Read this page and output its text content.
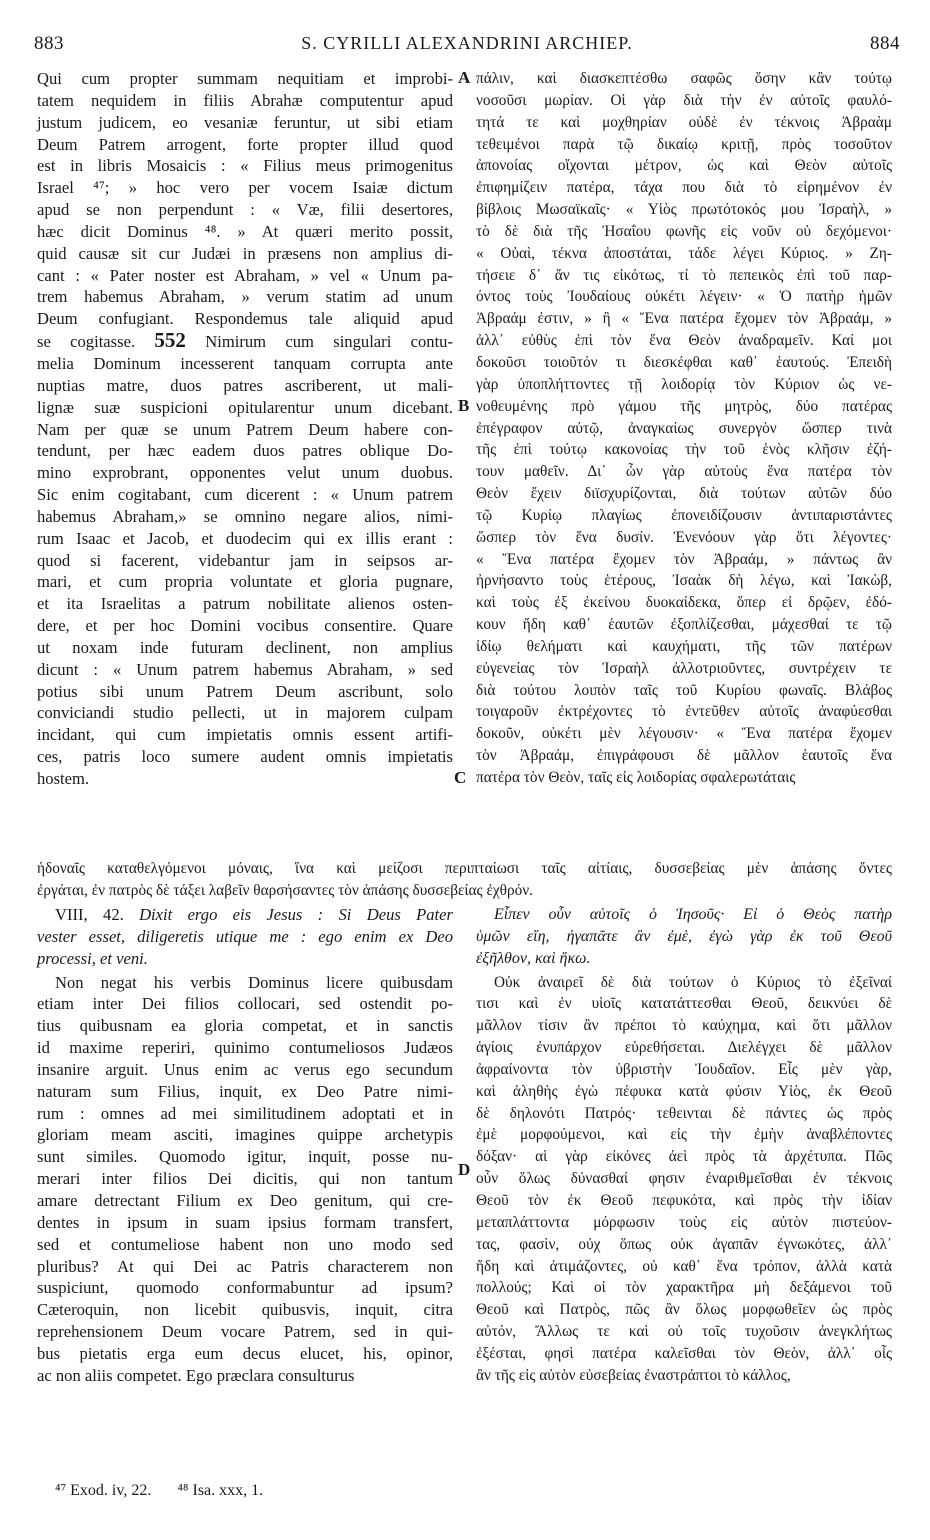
883	S. CYRILLI ALEXANDRINI ARCHIEP.	884
Qui cum propter summam nequitiam et improbi-
tatem nequidem in filiis Abrahæ computentur apud
justum judicem, eo vesaniæ feruntur, ut sibi etiam
Deum Patrem arrogent, forte propter illud quod
est in libris Mosaicis : « Filius meus primogenitus
Israel ⁴⁷; » hoc vero per vocem Isaiæ dictum
apud se non perpendunt : « Væ, filii desertores,
hæc dicit Dominus ⁴⁸. » At quæri merito possit,
quid causæ sit cur Judæi in præsens non amplius di-
cant : « Pater noster est Abraham, » vel « Unum pa-
trem habemus Abraham, » verum statim ad unum
Deum confugiant. Respondemus tale aliquid apud
se cogitasse. 552 Nimirum cum singulari contu-
melia Dominum incesserent tanquam corrupta ante
nuptias matre, duos patres ascriberent, ut mali-
lignæ suæ suspicioni opitularentur unum dicebant.
Nam per quæ se unum Patrem Deum habere con-
tendunt, per hæc eadem duos patres oblique Do-
mino exprobrant, opponentes velut unum duobus.
Sic enim cogitabant, cum dicerent : « Unum patrem
habemus Abraham,» se omnino negare alios, nimi-
rum Isaac et Jacob, et duodecim qui ex illis erant :
quod si facerent, videbantur jam in seipsos ar-
mari, et cum propria voluntate et gloria pugnare,
et ita Israelitas a patrum nobilitate alienos osten-
dere, et per hoc Domini vocibus consentire. Quare
ut noxam inde futuram declinent, non amplius
dicunt : « Unum patrem habemus Abraham, » sed
potius sibi unum Patrem Deum ascribunt, solo
conviciandi studio pellecti, ut in majorem culpam
incidant, qui cum impietatis omnis essent artifi-
ces, patris loco sumere audent omnis impietatis
hostem.
πάλιν, καὶ διασκεπτέσθω σαφῶς ὅσην κἂν τούτῳ
νοσοῦσι μωρίαν. Οἱ γὰρ διὰ τὴν ἐν αὐτοῖς φαυλό-
τητά τε καὶ μοχθηρίαν οὐδὲ ἐν τέκνοις Ἀβραὰμ
τεθειμένοι παρὰ τῷ δικαίῳ κριτῇ, πρὸς τοσοῦτον
ἀπονοίας οἴχονται μέτρον, ὡς καὶ Θεὸν αὐτοῖς
ἐπιφημίζειν πατέρα, τάχα που διὰ τὸ εἰρημένον ἐν
βίβλοις Μωσαϊκαῖς· « Υἱὸς πρωτότοκός μου Ἰσραὴλ, »
τὸ δὲ διὰ τῆς Ἡσαΐου φωνῆς εἰς νοῦν οὐ δεχόμενοι·
« Οὐαὶ, τέκνα ἀποστάται, τάδε λέγει Κύριος. » Ζη-
τήσειε δ᾽ ἄν τις εἰκότως, τί τὸ πεπεικὸς ἐπὶ τοῦ παρ-
όντος τοὺς Ἰουδαίους οὐκέτι λέγειν· « Ὁ πατὴρ ἡμῶν
Ἀβραάμ ἐστιν, » ἢ « Ἕνα πατέρα ἔχομεν τὸν Ἀβραάμ, »
ἀλλ᾽ εὐθὺς ἐπὶ τὸν ἕνα Θεὸν ἀναδραμεῖν. Καί μοι
δοκοῦσι τοιοῦτόν τι διεσκέφθαι καθ᾽ ἑαυτούς. Ἐπειδὴ
γὰρ ὑποπλήττοντες τῇ λοιδορίᾳ τὸν Κύριον ὡς νε-
νοθευμένης πρὸ γάμου τῆς μητρὸς, δύο πατέρας
ἐπέγραφον αὐτῷ, ἀναγκαίως συνεργὸν ὥσπερ τινὰ
τῆς ἐπὶ τούτῳ κακονοίας τὴν τοῦ ἑνὸς κλῆσιν ἐζή-
τουν μαθεῖν. Δι᾽ ὧν γὰρ αὐτοὺς ἕνα πατέρα τὸν
Θεὸν ἔχειν διϊσχυρίζονται, διὰ τούτων αὐτῶν δύο
τῷ Κυρίῳ πλαγίως ἐπονειδίζουσιν ἀντιπαριστάντες
ὥσπερ τὸν ἕνα δυσίν. Ἐνενόουν γὰρ ὅτι λέγοντες·
« Ἕνα πατέρα ἔχομεν τὸν Ἀβραάμ, » πάντως ἂν
ἠρνήσαντο τοὺς ἑτέρους, Ἰσαὰκ δὴ λέγω, καὶ Ἰακὼβ,
καὶ τοὺς ἐξ ἐκείνου δυοκαίδεκα, ὅπερ εἰ δρῷεν, ἐδό-
κουν ἤδη καθ᾽ ἑαυτῶν ἐξοπλίζεσθαι, μάχεσθαί τε τῷ
ἰδίῳ θελήματι καὶ καυχήματι, τῆς τῶν πατέρων
εὐγενείας τὸν Ἰσραὴλ ἀλλοτριοῦντες, συντρέχειν τε
διὰ τούτου λοιπὸν ταῖς τοῦ Κυρίου φωναῖς. Βλάβος
τοιγαροῦν ἐκτρέχοντες τὸ ἐντεῦθεν αὐτοῖς ἀναφύεσθαι
δοκοῦν, οὐκέτι μὲν λέγουσιν· « Ἕνα πατέρα ἔχομεν
τὸν Ἀβραάμ, ἐπιγράφουσι δὲ μᾶλλον ἑαυτοῖς ἕνα
πατέρα τὸν Θεὸν, ταῖς εἰς λοιδορίας σφαλερωτάταις
ἡδοναῖς καταθελγόμενοι μόναις, ἵνα καὶ μείζοσι περιπταίωσι ταῖς αἰτίαις, δυσσεβείας μὲν ἁπάσης ὄντες
ἐργάται, ἐν πατρὸς δὲ τάξει λαβεῖν θαρσήσαντες τὸν ἁπάσης δυσσεβείας ἐχθρόν.
VIII, 42. Dixit ergo eis Jesus : Si Deus Pater
vester esset, diligeretis utique me : ego enim ex Deo
processi, et veni.
Non negat his verbis Dominus licere quibusdam
etiam inter Dei filios collocari, sed ostendit po-
tius quibusnam ea gloria competat, et in sanctis
id maxime reperiri, quinimo contumeliosos Judæos
insanire arguit. Unus enim ac verus ego secundum
naturam sum Filius, inquit, ex Deo Patre nimi-
rum : omnes ad mei similitudinem adoptati et in
gloriam meam asciti, imagines quippe archetypis
sunt similes. Quomodo igitur, inquit, posse nu-
merari inter filios Dei dicitis, qui non tantum
amare detrectant Filium ex Deo genitum, qui cre-
dentes in ipsum in suam ipsius formam transfert,
sed et contumeliose habent non uno modo sed
pluribus? At qui Dei ac Patris characterem non
suspiciunt, quomodo conformabuntur ad ipsum?
Cæteroquin, non licebit quibusvis, inquit, citra
reprehensionem Deum vocare Patrem, sed in qui-
bus pietatis erga eum decus elucet, his, opinor,
ac non aliis competet. Ego præclara consulturus
Εἶπεν οὖν αὐτοῖς ὁ Ἰησοῦς· Εἰ ὁ Θεὸς πατὴρ
ὑμῶν εἴη, ἠγαπᾶτε ἂν ἐμὲ, ἐγὼ γὰρ ἐκ τοῦ Θεοῦ
ἐξῆλθον, καὶ ἥκω.
Οὐκ ἀναιρεῖ δὲ διὰ τούτων ὁ Κύριος τὸ ἐξεῖναί
τισι καὶ ἐν υἱοῖς κατατάττεσθαι Θεοῦ, δεικνύει δὲ
μᾶλλον τίσιν ἂν πρέποι τὸ καύχημα, καὶ ὅτι μᾶλλον
ἁγίοις ἐνυπάρχον εὑρεθήσεται. Διελέγχει δὲ μᾶλλον
ἀφραίνοντα τὸν ὑβριστὴν Ἰουδαῖον. Εἷς μὲν γὰρ,
καὶ ἀληθὴς ἐγὼ πέφυκα κατὰ φύσιν Υἱὸς, ἐκ Θεοῦ
δὲ δηλονότι Πατρός· τεθεινται δὲ πάντες ὡς πρὸς
ἐμὲ μορφούμενοι, καὶ εἰς τὴν ἐμὴν ἀναβλέποντες
δόξαν· αἱ γὰρ εἰκόνες ἀεὶ πρὸς τὰ ἀρχέτυπα. Πῶς
οὖν ὅλως δύνασθαί φησιν ἐναριθμεῖσθαι ἐν τέκνοις
Θεοῦ τὸν ἐκ Θεοῦ πεφυκότα, καὶ πρὸς τὴν ἰδίαν
μεταπλάττοντα μόρφωσιν τοὺς εἰς αὐτὸν πιστεύον-
τας, φασὶν, οὐχ ὅπως οὐκ ἀγαπᾶν ἐγνωκότες, ἀλλ᾽
ἤδη καὶ ἀτιμάζοντες, οὐ καθ᾽ ἕνα τρόπον, ἀλλὰ κατὰ
πολλούς; Καὶ οἱ τὸν χαρακτῆρα μὴ δεξάμενοι τοῦ
Θεοῦ καὶ Πατρὸς, πῶς ἂν ὅλως μορφωθεῖεν ὡς πρὸς
αὐτόν, Ἄλλως τε καὶ οὐ τοῖς τυχοῦσιν ἀνεγκλήτως
ἐξέσται, φησὶ πατέρα καλεῖσθαι τὸν Θεὸν, ἀλλ᾽ οἷς
ἂν τῆς εἰς αὐτὸν εὐσεβείας ἐναστράπτοι τὸ κάλλος,
A
B
C
D
⁴⁷ Exod. iv, 22. ⁴⁸ Isa. xxx, 1.
